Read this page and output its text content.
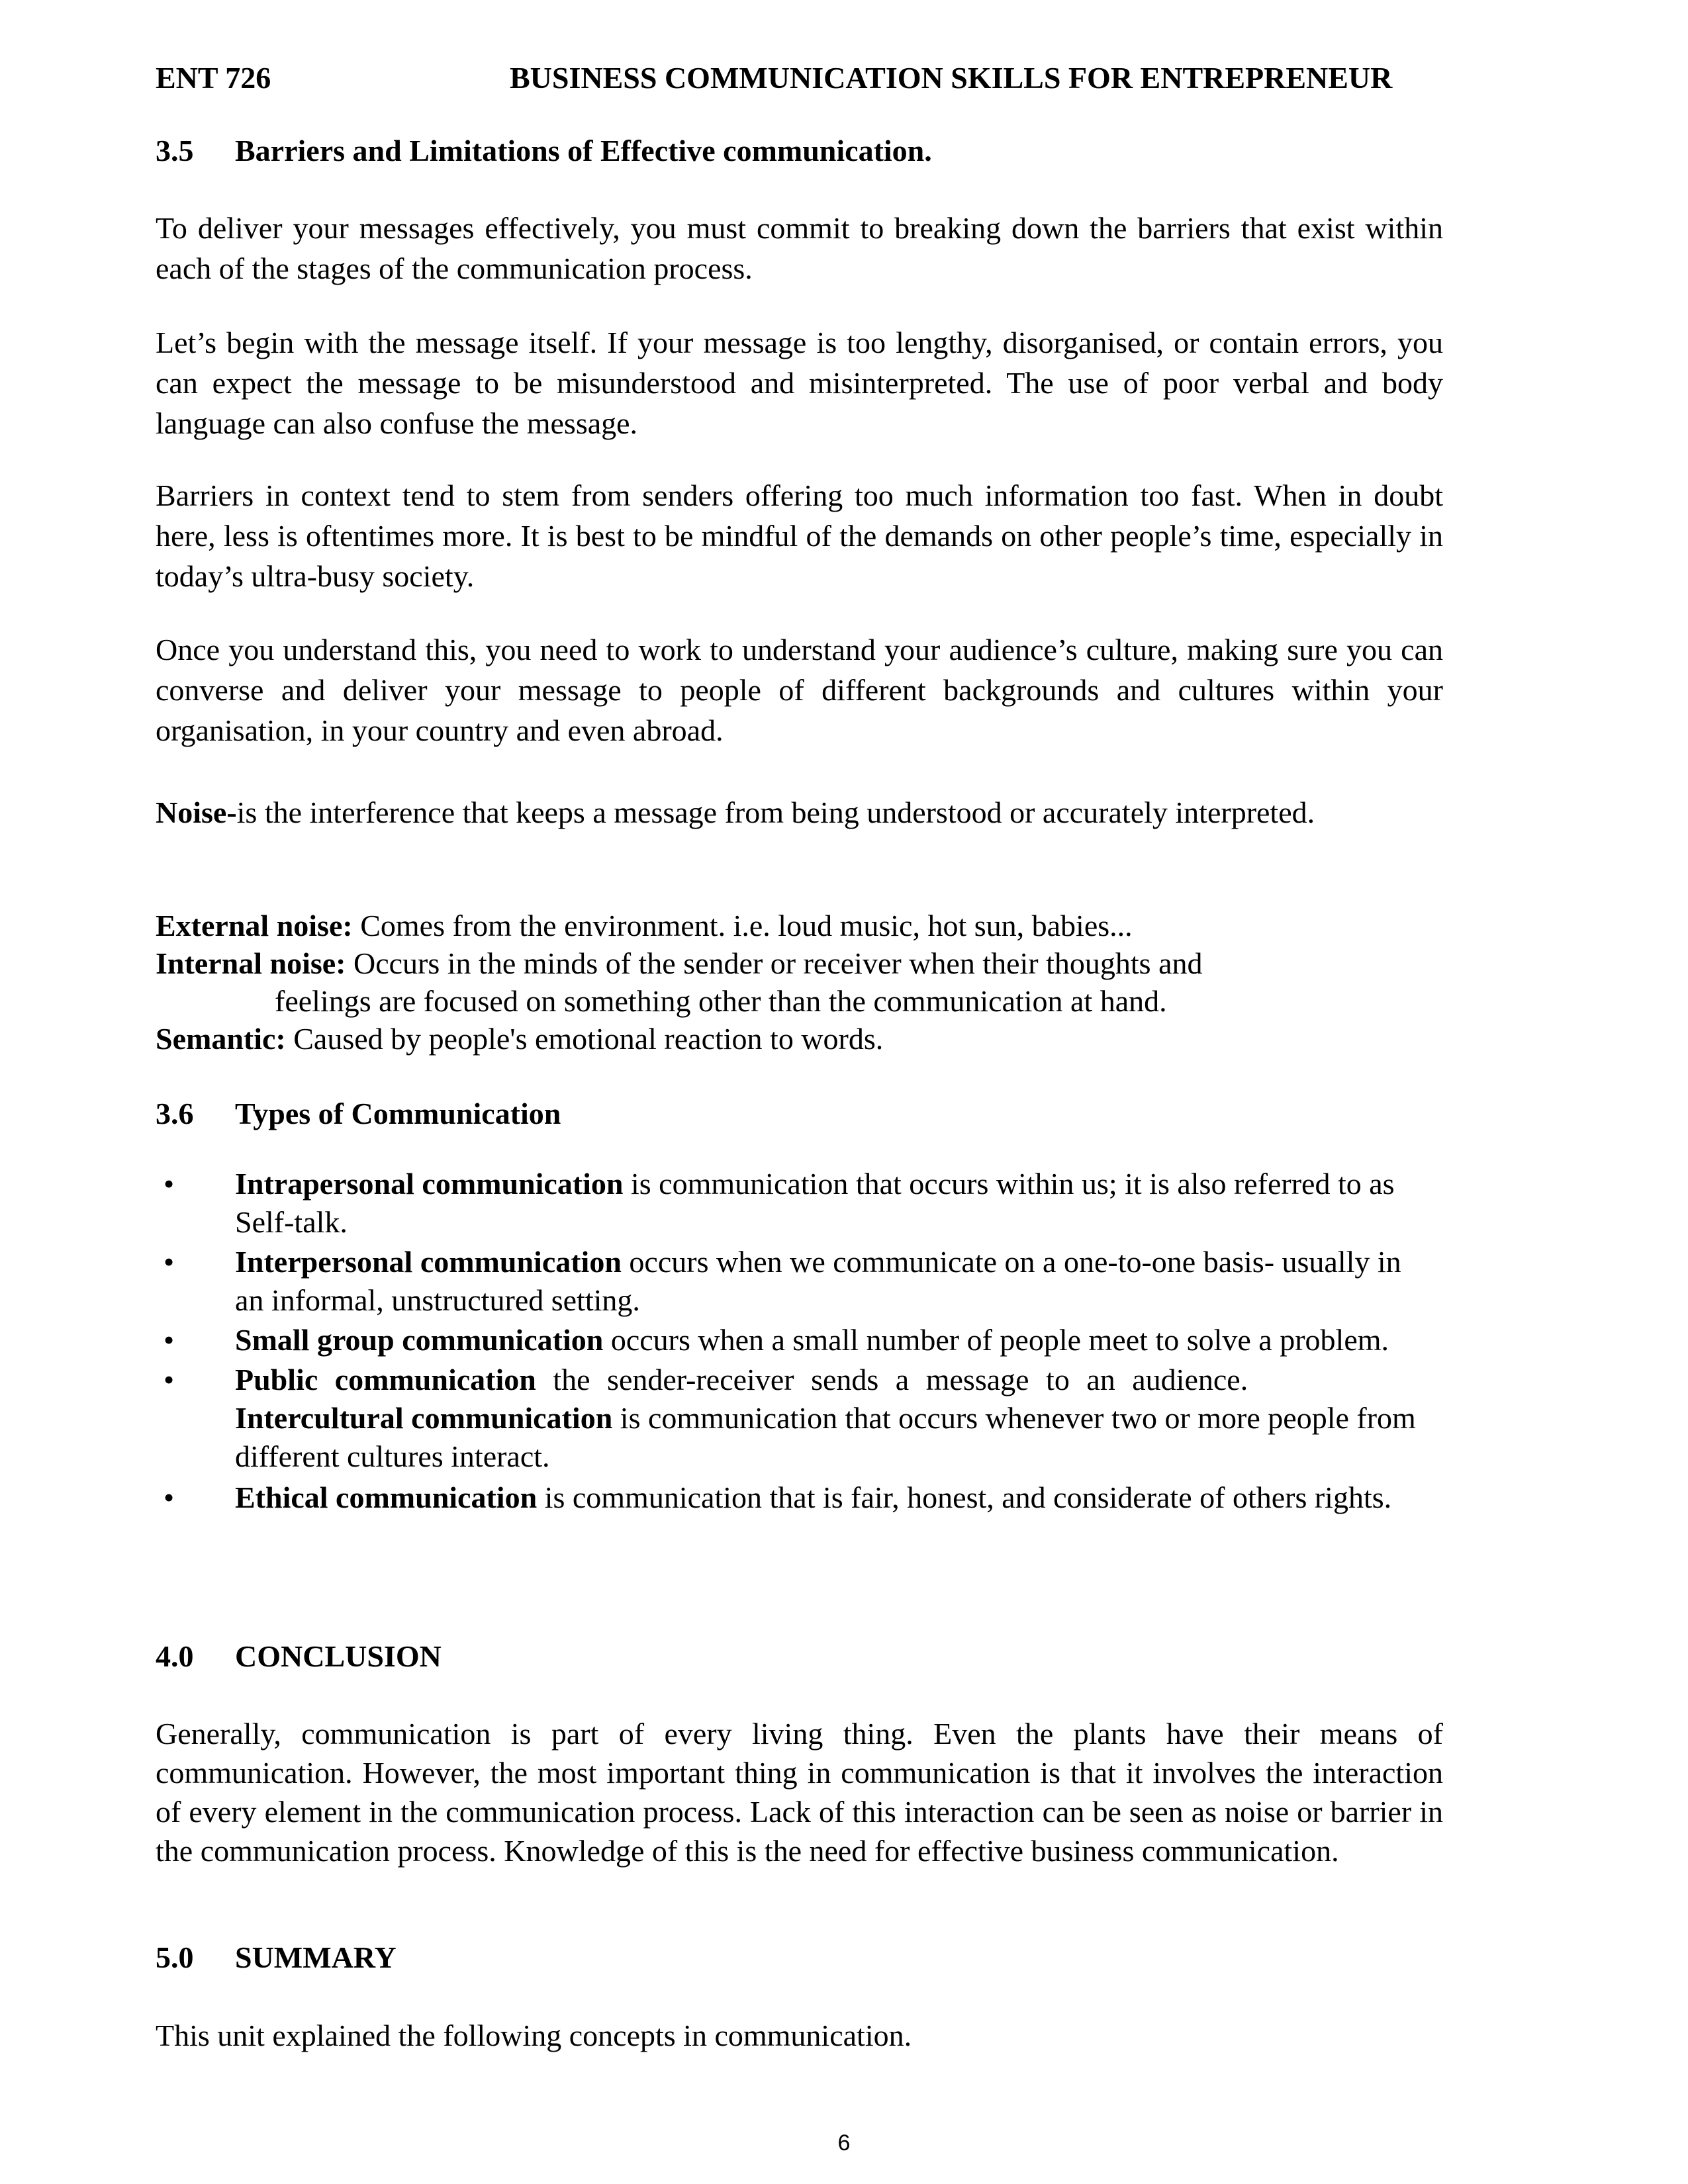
ENT 726	BUSINESS COMMUNICATION SKILLS FOR ENTREPRENEUR
3.5 Barriers and Limitations of Effective communication.
To deliver your messages effectively, you must commit to breaking down the barriers that exist within each of the stages of the communication process.
Let’s begin with the message itself. If your message is too lengthy, disorganised, or contain errors, you can expect the message to be misunderstood and misinterpreted. The use of poor verbal and body language can also confuse the message.
Barriers in context tend to stem from senders offering too much information too fast. When in doubt here, less is oftentimes more. It is best to be mindful of the demands on other people’s time, especially in today’s ultra-busy society.
Once you understand this, you need to work to understand your audience’s culture, making sure you can converse and deliver your message to people of different backgrounds and cultures within your organisation, in your country and even abroad.
Noise-is the interference that keeps a message from being understood or accurately interpreted.
External noise: Comes from the environment. i.e. loud music, hot sun, babies...
Internal noise: Occurs in the minds of the sender or receiver when their thoughts and
feelings are focused on something other than the communication at hand.
Semantic: Caused by people's emotional reaction to words.
3.6 Types of Communication
• Intrapersonal communication is communication that occurs within us; it is also referred to as Self-talk.
• Interpersonal communication occurs when we communicate on a one-to-one basis- usually in an informal, unstructured setting.
• Small group communication occurs when a small number of people meet to solve a problem.
• Public communication the sender-receiver sends a message to an audience.
Intercultural communication is communication that occurs whenever two or more people from different cultures interact.
• Ethical communication is communication that is fair, honest, and considerate of others rights.
4.0 CONCLUSION
Generally, communication is part of every living thing. Even the plants have their means of communication. However, the most important thing in communication is that it involves the interaction of every element in the communication process. Lack of this interaction can be seen as noise or barrier in the communication process. Knowledge of this is the need for effective business communication.
5.0 SUMMARY
This unit explained the following concepts in communication.
6
